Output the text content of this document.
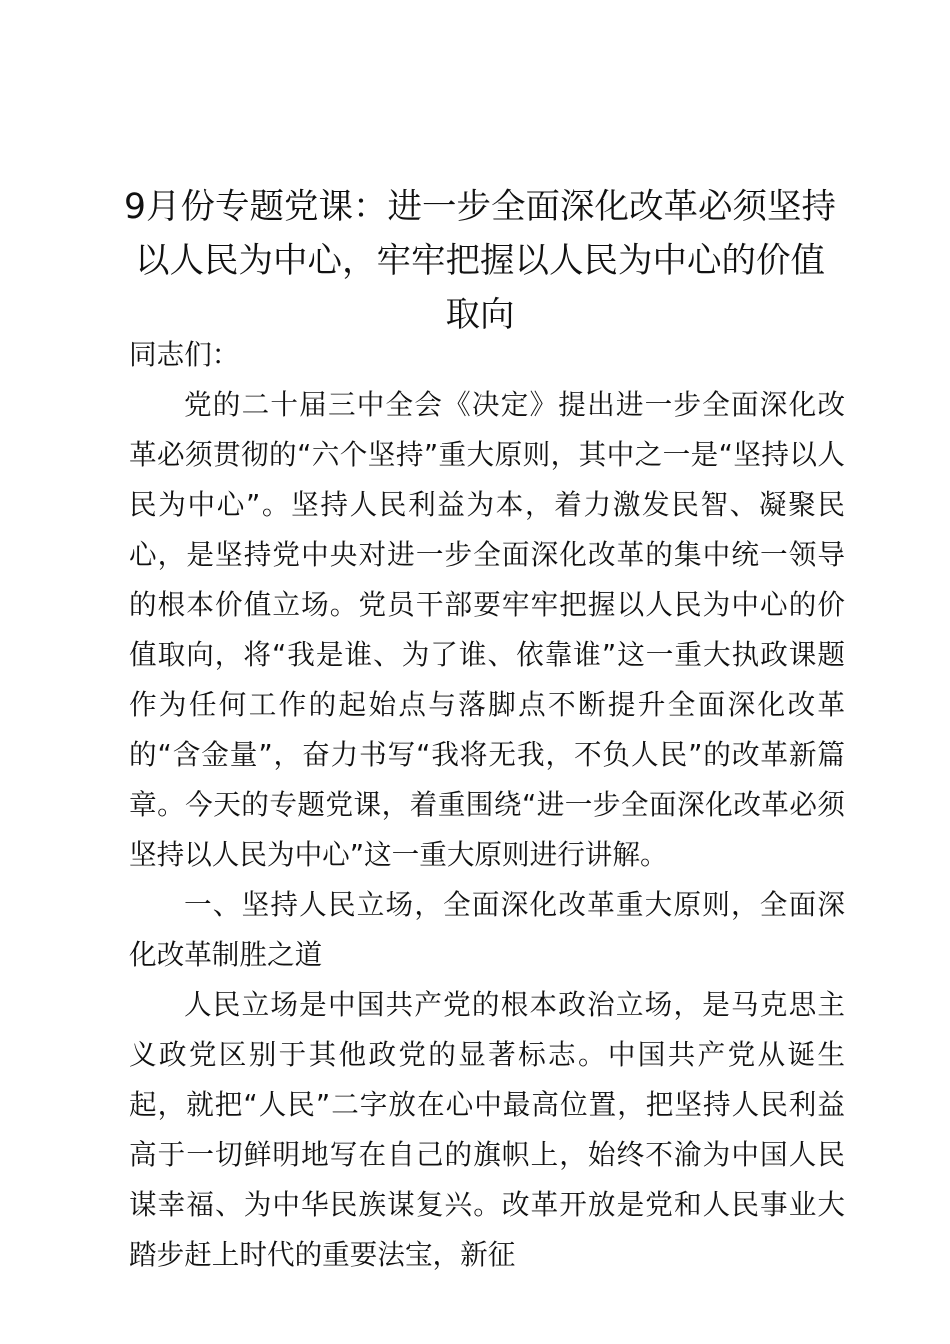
9月份专题党课：进一步全面深化改革必须坚持以人民为中心，牢牢把握以人民为中心的价值取向

同志们：

党的二十届三中全会《决定》提出进一步全面深化改革必须贯彻的“六个坚持”重大原则，其中之一是“坚持以人民为中心”。坚持人民利益为本，着力激发民智、凝聚民心，是坚持党中央对进一步全面深化改革的集中统一领导的根本价值立场。党员干部要牢牢把握以人民为中心的价值取向，将“我是谁、为了谁、依靠谁”这一重大执政课题作为任何工作的起始点与落脚点不断提升全面深化改革的“含金量”，奋力书写“我将无我，不负人民”的改革新篇章。今天的专题党课，着重围绕“进一步全面深化改革必须坚持以人民为中心”这一重大原则进行讲解。

一、坚持人民立场，全面深化改革重大原则，全面深化改革制胜之道

人民立场是中国共产党的根本政治立场，是马克思主义政党区别于其他政党的显著标志。中国共产党从诞生起，就把“人民”二字放在心中最高位置，把坚持人民利益高于一切鲜明地写在自己的旗帜上，始终不渝为中国人民谋幸福、为中华民族谋复兴。改革开放是党和人民事业大踏步赶上时代的重要法宝，新征
